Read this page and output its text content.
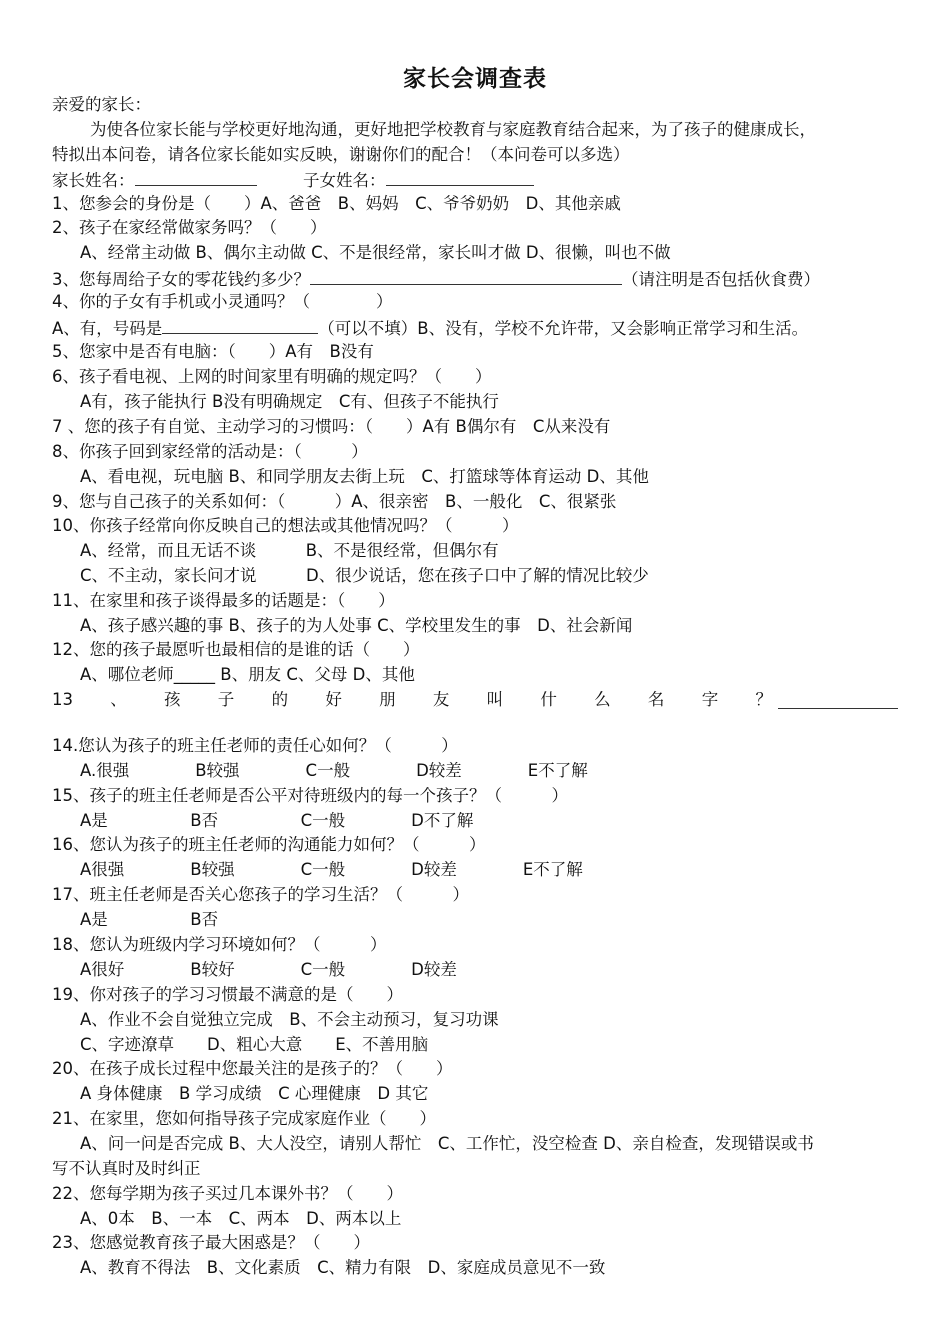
家长会调查表
亲爱的家长：
为使各位家长能与学校更好地沟通，更好地把学校教育与家庭教育结合起来，为了孩子的健康成长，
特拟出本问卷，请各位家长能如实反映，谢谢你们的配合！（本问卷可以多选）
家长姓名：	子女姓名：
1、您参会的身份是（　　）A、爸爸　B、妈妈　C、爷爷奶奶　D、其他亲戚
2、孩子在家经常做家务吗？（　　）
A、经常主动做 B、偶尔主动做 C、不是很经常，家长叫才做 D、很懒，叫也不做
3、您每周给子女的零花钱约多少？	（请注明是否包括伙食费）
4、你的子女有手机或小灵通吗？（　　　　）
A、有，号码是	（可以不填）B、没有，学校不允许带，又会影响正常学习和生活。
5、您家中是否有电脑：（　　）A有　B没有
6、孩子看电视、上网的时间家里有明确的规定吗？（　　）
A有，孩子能执行 B没有明确规定　C有、但孩子不能执行
7 、您的孩子有自觉、主动学习的习惯吗：（　　）A有 B偶尔有　C从来没有
8、你孩子回到家经常的活动是：（　　　）
A、看电视，玩电脑 B、和同学朋友去街上玩　C、打篮球等体育运动 D、其他
9、您与自己孩子的关系如何：（　　　）A、很亲密　B、一般化　C、很紧张
10、你孩子经常向你反映自己的想法或其他情况吗？（　　　）
A、经常，而且无话不谈　　　B、不是很经常，但偶尔有
C、不主动，家长问才说　　　D、很少说话，您在孩子口中了解的情况比较少
11、在家里和孩子谈得最多的话题是：（　　）
A、孩子感兴趣的事 B、孩子的为人处事 C、学校里发生的事　D、社会新闻
12、您的孩子最愿听也最相信的是谁的话（　　）
A、哪位老师_____ B、朋友 C、父母 D、其他
13 、 孩 子 的 好 朋 友 叫 什 么 名 字 ？
14.您认为孩子的班主任老师的责任心如何？（　　　）
A.很强　　　　B较强　　　　C一般　　　　D较差　　　　E不了解
15、孩子的班主任老师是否公平对待班级内的每一个孩子？（　　　）
A是　　　　　B否　　　　　C一般　　　　D不了解
16、您认为孩子的班主任老师的沟通能力如何？（　　　）
A很强　　　　B较强　　　　C一般　　　　D较差　　　　E不了解
17、班主任老师是否关心您孩子的学习生活？（　　　）
A是　　　　　B否
18、您认为班级内学习环境如何？（　　　）
A很好　　　　B较好　　　　C一般　　　　D较差
19、你对孩子的学习习惯最不满意的是（　　）
A、作业不会自觉独立完成　B、不会主动预习，复习功课
C、字迹潦草　　D、粗心大意　　E、不善用脑
20、在孩子成长过程中您最关注的是孩子的？（　　）
A 身体健康　B 学习成绩　C 心理健康　D 其它
21、在家里，您如何指导孩子完成家庭作业（　　）
A、问一问是否完成 B、大人没空，请别人帮忙　C、工作忙，没空检查 D、亲自检查，发现错误或书
写不认真时及时纠正
22、您每学期为孩子买过几本课外书？（　　）
A、0本　B、一本　C、两本　D、两本以上
23、您感觉教育孩子最大困惑是？（　　）
A、教育不得法　B、文化素质　C、精力有限　D、家庭成员意见不一致
